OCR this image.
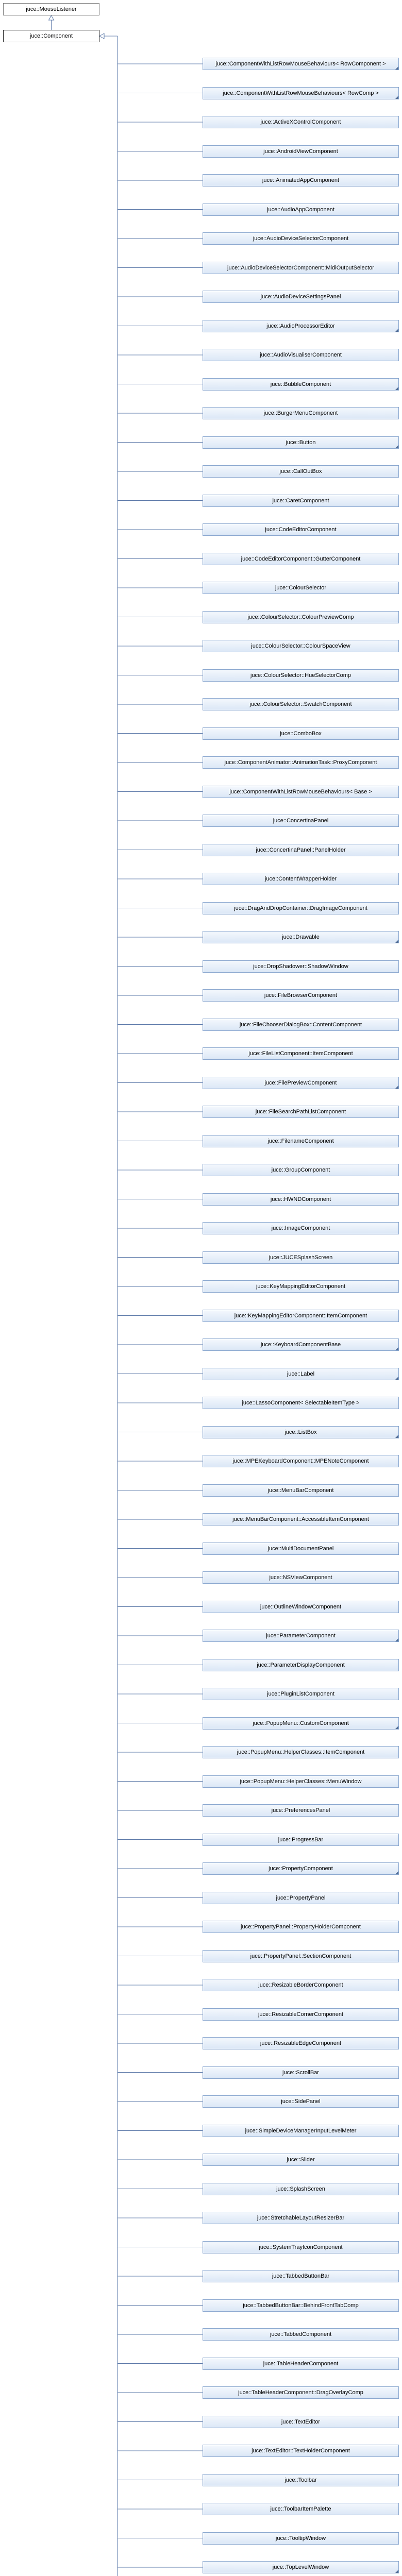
juce::MouseListener
juce::Component
juce::ComponentWithListRowMouseBehaviours< RowComponent >
juce::ComponentWithListRowMouseBehaviours< RowComp >
juce::ActiveXControlComponent
juce::AndroidViewComponent
juce::AnimatedAppComponent
juce::AudioAppComponent
juce::AudioDeviceSelectorComponent
juce::AudioDeviceSelectorComponent::MidiOutputSelector
juce::AudioDeviceSettingsPanel
juce::AudioProcessorEditor
juce::AudioVisualiserComponent
juce::BubbleComponent
juce::BurgerMenuComponent
juce::Button
juce::CallOutBox
juce::CaretComponent
juce::CodeEditorComponent
juce::CodeEditorComponent::GutterComponent
juce::ColourSelector
juce::ColourSelector::ColourPreviewComp
juce::ColourSelector::ColourSpaceView
juce::ColourSelector::HueSelectorComp
juce::ColourSelector::SwatchComponent
juce::ComboBox
juce::ComponentAnimator::AnimationTask::ProxyComponent
juce::ComponentWithListRowMouseBehaviours< Base >
juce::ConcertinaPanel
juce::ConcertinaPanel::PanelHolder
juce::ContentWrapperHolder
juce::DragAndDropContainer::DragImageComponent
juce::Drawable
juce::DropShadower::ShadowWindow
juce::FileBrowserComponent
juce::FileChooserDialogBox::ContentComponent
juce::FileListComponent::ItemComponent
juce::FilePreviewComponent
juce::FileSearchPathListComponent
juce::FilenameComponent
juce::GroupComponent
juce::HWNDComponent
juce::ImageComponent
juce::JUCESplashScreen
juce::KeyMappingEditorComponent
juce::KeyMappingEditorComponent::ItemComponent
juce::KeyboardComponentBase
juce::Label
juce::LassoComponent< SelectableItemType >
juce::ListBox
juce::MPEKeyboardComponent::MPENoteComponent
juce::MenuBarComponent
juce::MenuBarComponent::AccessibleItemComponent
juce::MultiDocumentPanel
juce::NSViewComponent
juce::OutlineWindowComponent
juce::ParameterComponent
juce::ParameterDisplayComponent
juce::PluginListComponent
juce::PopupMenu::CustomComponent
juce::PopupMenu::HelperClasses::ItemComponent
juce::PopupMenu::HelperClasses::MenuWindow
juce::PreferencesPanel
juce::ProgressBar
juce::PropertyComponent
juce::PropertyPanel
juce::PropertyPanel::PropertyHolderComponent
juce::PropertyPanel::SectionComponent
juce::ResizableBorderComponent
juce::ResizableCornerComponent
juce::ResizableEdgeComponent
juce::ScrollBar
juce::SidePanel
juce::SimpleDeviceManagerInputLevelMeter
juce::Slider
juce::SplashScreen
juce::StretchableLayoutResizerBar
juce::SystemTrayIconComponent
juce::TabbedButtonBar
juce::TabbedButtonBar::BehindFrontTabComp
juce::TabbedComponent
juce::TableHeaderComponent
juce::TableHeaderComponent::DragOverlayComp
juce::TextEditor
juce::TextEditor::TextHolderComponent
juce::Toolbar
juce::ToolbarItemPalette
juce::TooltipWindow
juce::TopLevelWindow
